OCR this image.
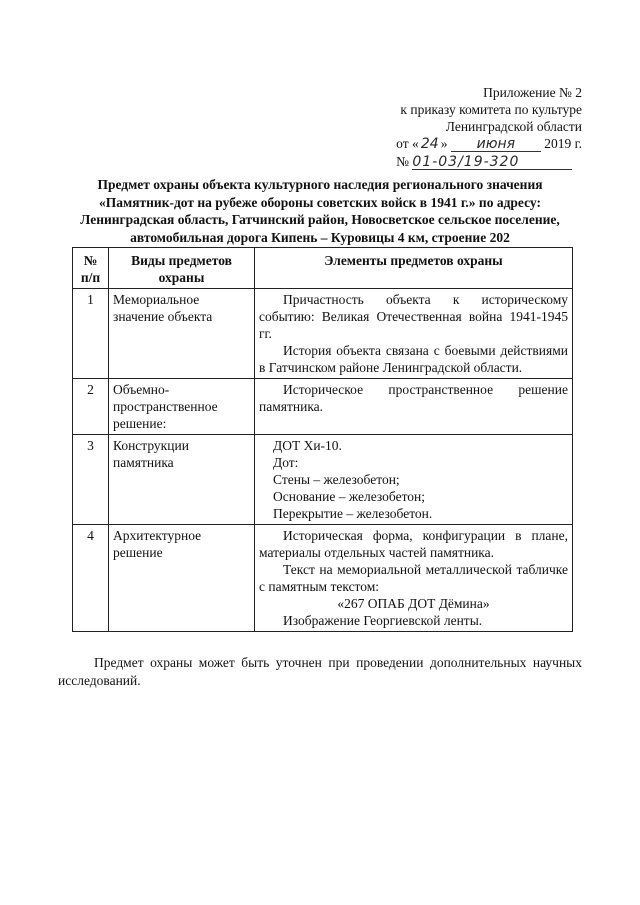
Приложение № 2
к приказу комитета по культуре
Ленинградской области
от « 24 » июня 2019 г.
№ 01-03/19-320
Предмет охраны объекта культурного наследия регионального значения
«Памятник-дот на рубеже обороны советских войск в 1941 г.» по адресу:
Ленинградская область, Гатчинский район, Новосветское сельское поселение,
автомобильная дорога Кипень – Куровицы 4 км, строение 202
№ п/п	Виды предметов охраны	Элементы предметов охраны
1	Мемориальное значение объекта	Причастность объекта к историческому событию: Великая Отечественная война 1941-1945 гг.

История объекта связана с боевыми действиями в Гатчинском районе Ленинградской области.

2	Объемно-пространственное решение:	Историческое пространственное решение памятника.

3	Конструкции памятника	ДОТ Хи-10.

Дот:

Стены – железобетон;

Основание – железобетон;

Перекрытие – железобетон.

4	Архитектурное решение	Историческая форма, конфигурации в плане, материалы отдельных частей памятника.

Текст на мемориальной металлической табличке с памятным текстом:

«267 ОПАБ ДОТ Дёмина»

Изображение Георгиевской ленты.

Предмет охраны может быть уточнен при проведении дополнительных научных исследований.
